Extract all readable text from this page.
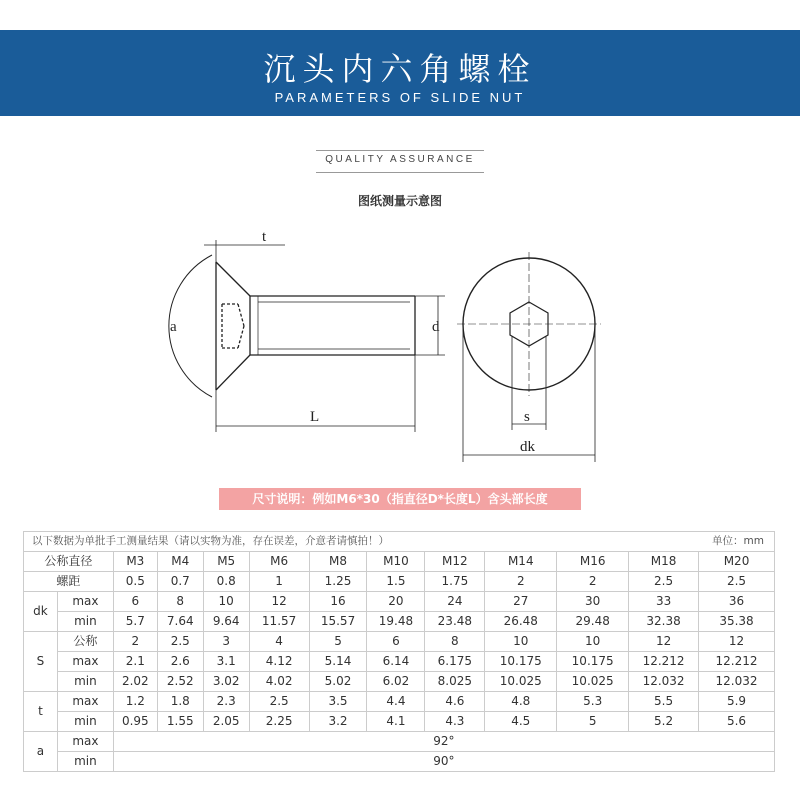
沉头内六角螺栓
PARAMETERS OF SLIDE NUT
QUALITY ASSURANCE
图纸测量示意图
t
a	d
L	s
dk
尺寸说明：例如M6*30（指直径D*长度L）含头部长度
以下数据为单批手工测量结果（请以实物为准，存在误差，介意者请慎拍！）											单位：mm	
公称直径		M3	M4	M5	M6	M8	M10	M12	M14	M16	M18	M20
螺距		0.5	0.7	0.8	1	1.25	1.5	1.75	2	2	2.5	2.5
dk	max	6	8	10	12	16	20	24	27	30	33	36
	min	5.7	7.64	9.64	11.57	15.57	19.48	23.48	26.48	29.48	32.38	35.38
S	公称	2	2.5	3	4	5	6	8	10	10	12	12
	max	2.1	2.6	3.1	4.12	5.14	6.14	6.175	10.175	10.175	12.212	12.212
	min	2.02	2.52	3.02	4.02	5.02	6.02	8.025	10.025	10.025	12.032	12.032
t	max	1.2	1.8	2.3	2.5	3.5	4.4	4.6	4.8	5.3	5.5	5.9
	min	0.95	1.55	2.05	2.25	3.2	4.1	4.3	4.5	5	5.2	5.6
a	max	92°										
	min	90°										
